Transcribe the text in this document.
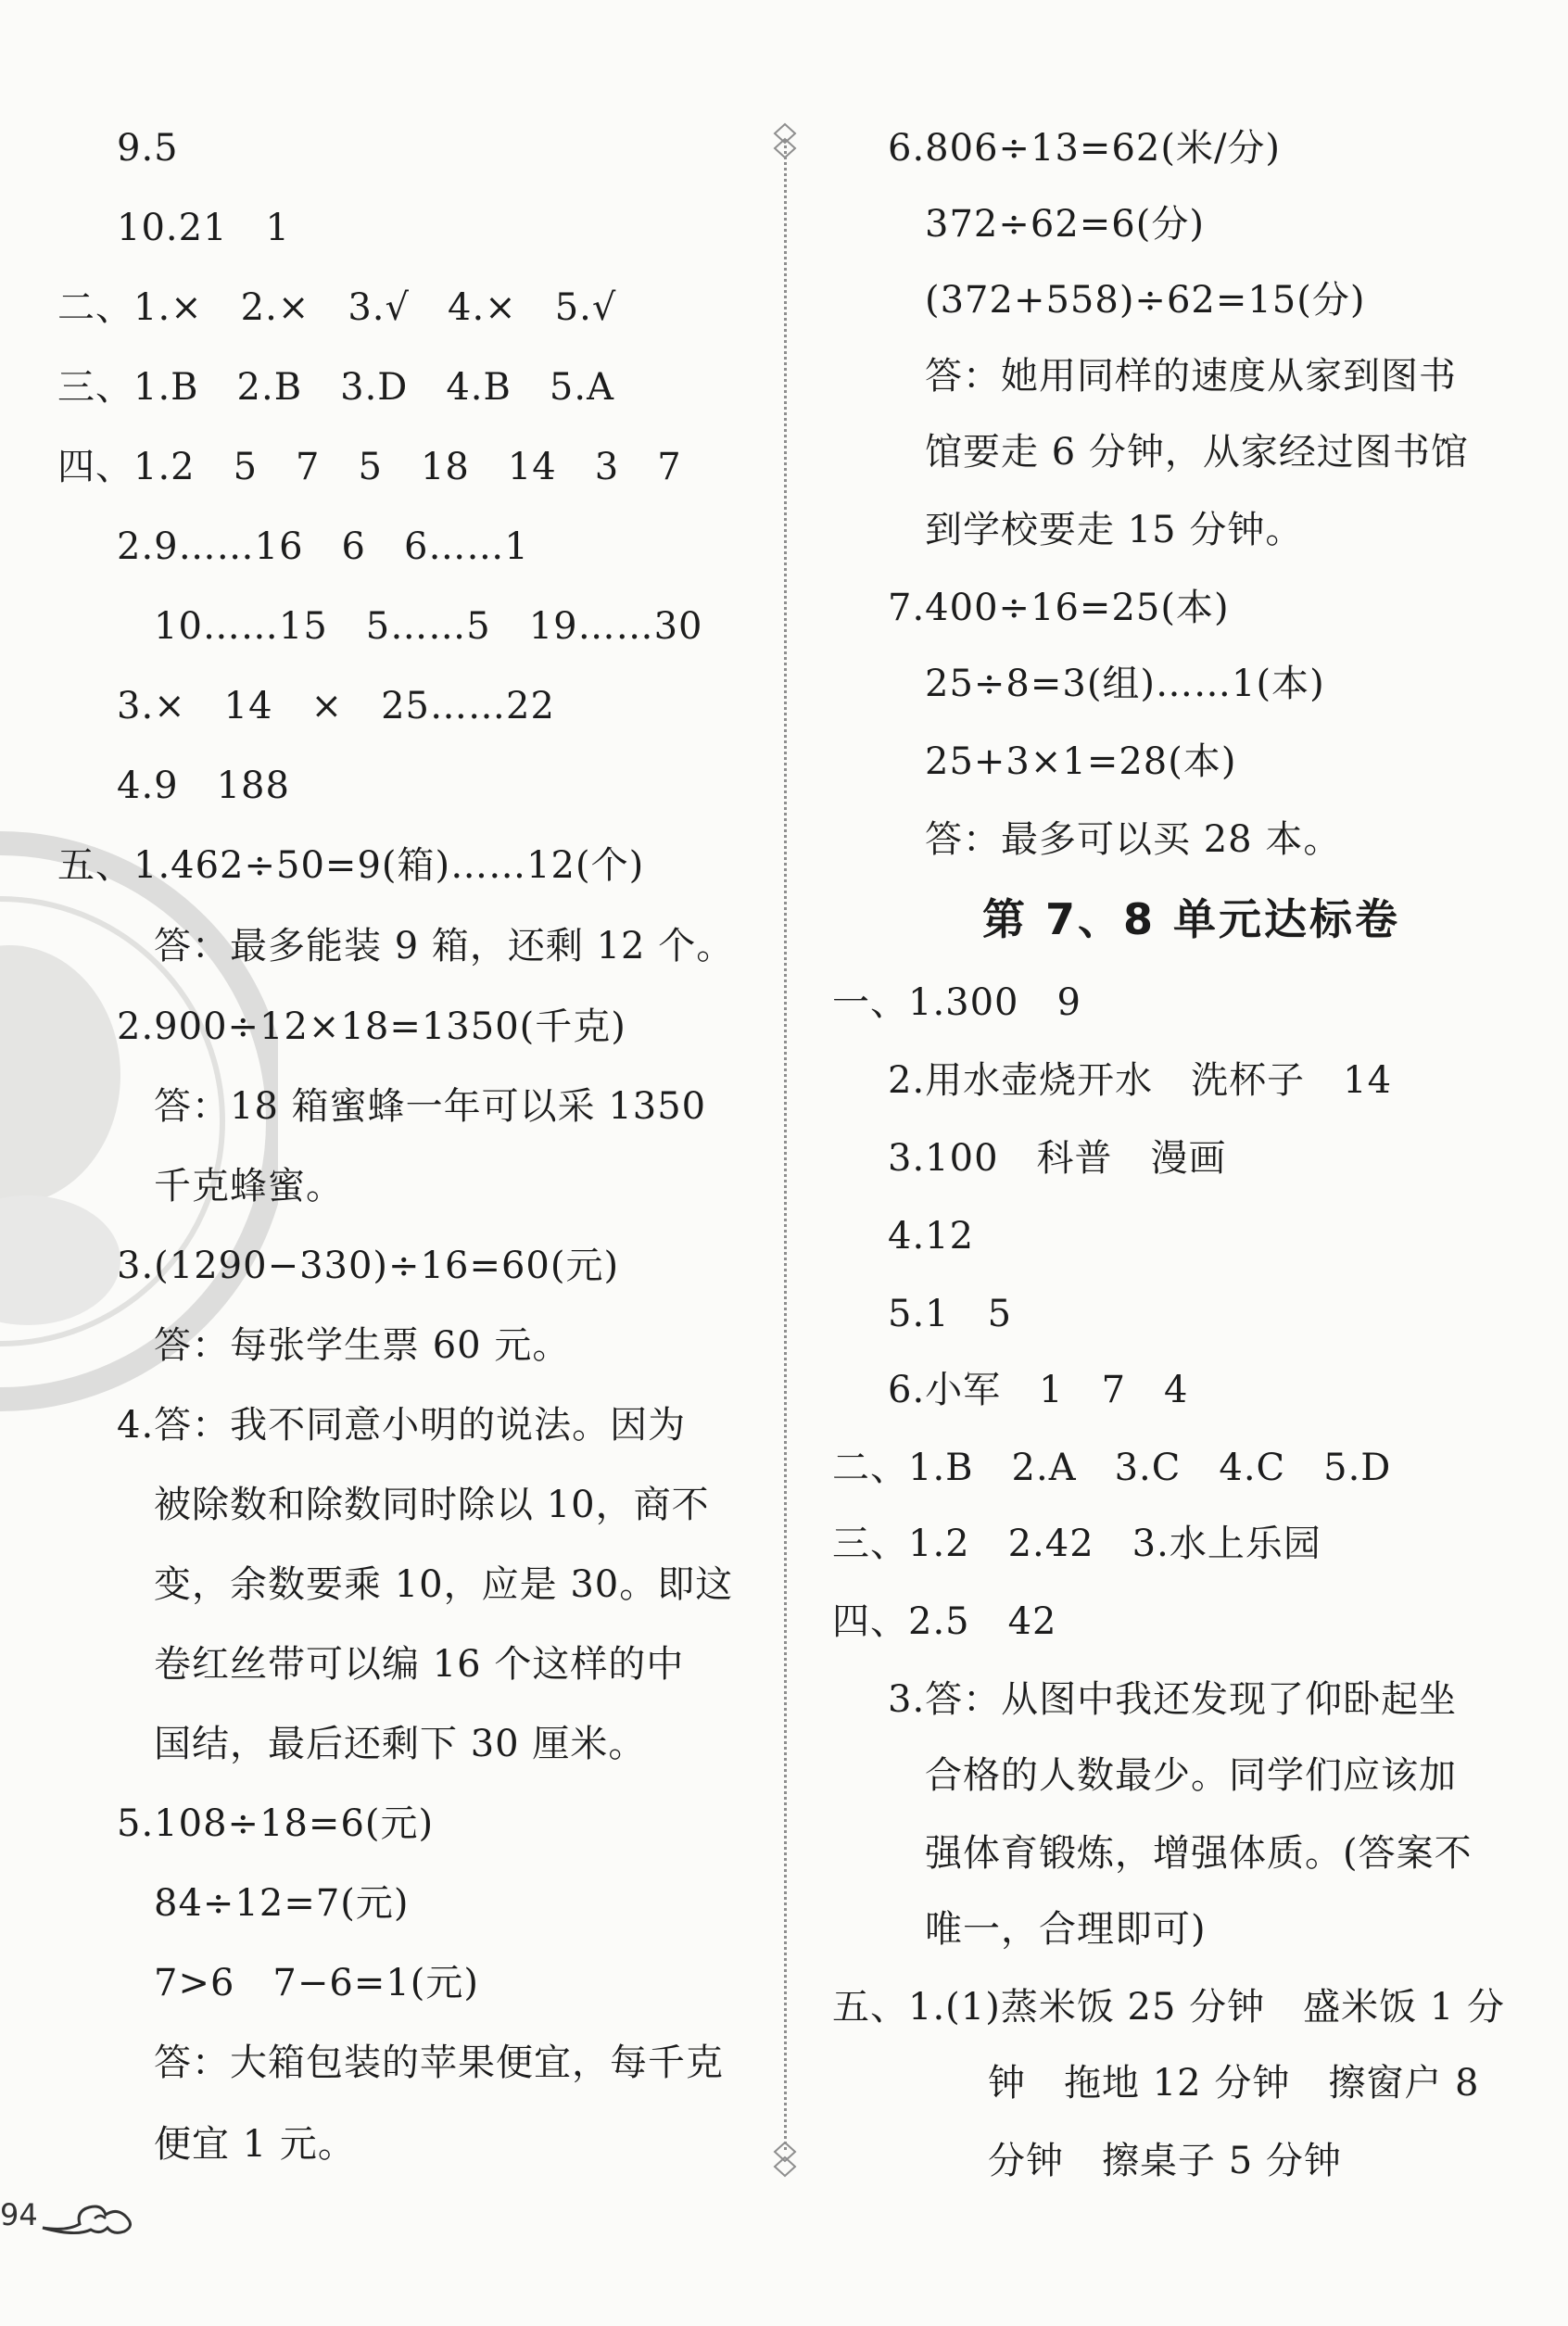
9.5
10.21　1
二、1.×　2.×　3.√　4.×　5.√
三、1.B　2.B　3.D　4.B　5.A
四、1.2　5　7　5　18　14　3　7
2.9……16　6　6……1
10……15　5……5　19……30
3.×　14　×　25……22
4.9　188
五、1.462÷50=9(箱)……12(个)
答：最多能装 9 箱，还剩 12 个。
2.900÷12×18=1350(千克)
答：18 箱蜜蜂一年可以采 1350
千克蜂蜜。
3.(1290−330)÷16=60(元)
答：每张学生票 60 元。
4.答：我不同意小明的说法。因为
被除数和除数同时除以 10，商不
变，余数要乘 10，应是 30。即这
卷红丝带可以编 16 个这样的中
国结，最后还剩下 30 厘米。
5.108÷18=6(元)
84÷12=7(元)
7>6　7−6=1(元)
答：大箱包装的苹果便宜，每千克
便宜 1 元。
6.806÷13=62(米/分)
372÷62=6(分)
(372+558)÷62=15(分)
答：她用同样的速度从家到图书
馆要走 6 分钟，从家经过图书馆
到学校要走 15 分钟。
7.400÷16=25(本)
25÷8=3(组)……1(本)
25+3×1=28(本)
答：最多可以买 28 本。
第 7、8 单元达标卷
一、1.300　9
2.用水壶烧开水　洗杯子　14
3.100　科普　漫画
4.12
5.1　5
6.小军　1　7　4
二、1.B　2.A　3.C　4.C　5.D
三、1.2　2.42　3.水上乐园
四、2.5　42
3.答：从图中我还发现了仰卧起坐
合格的人数最少。同学们应该加
强体育锻炼，增强体质。(答案不
唯一，合理即可)
五、1.(1)蒸米饭 25 分钟　盛米饭 1 分
钟　拖地 12 分钟　擦窗户 8
分钟　擦桌子 5 分钟
94
